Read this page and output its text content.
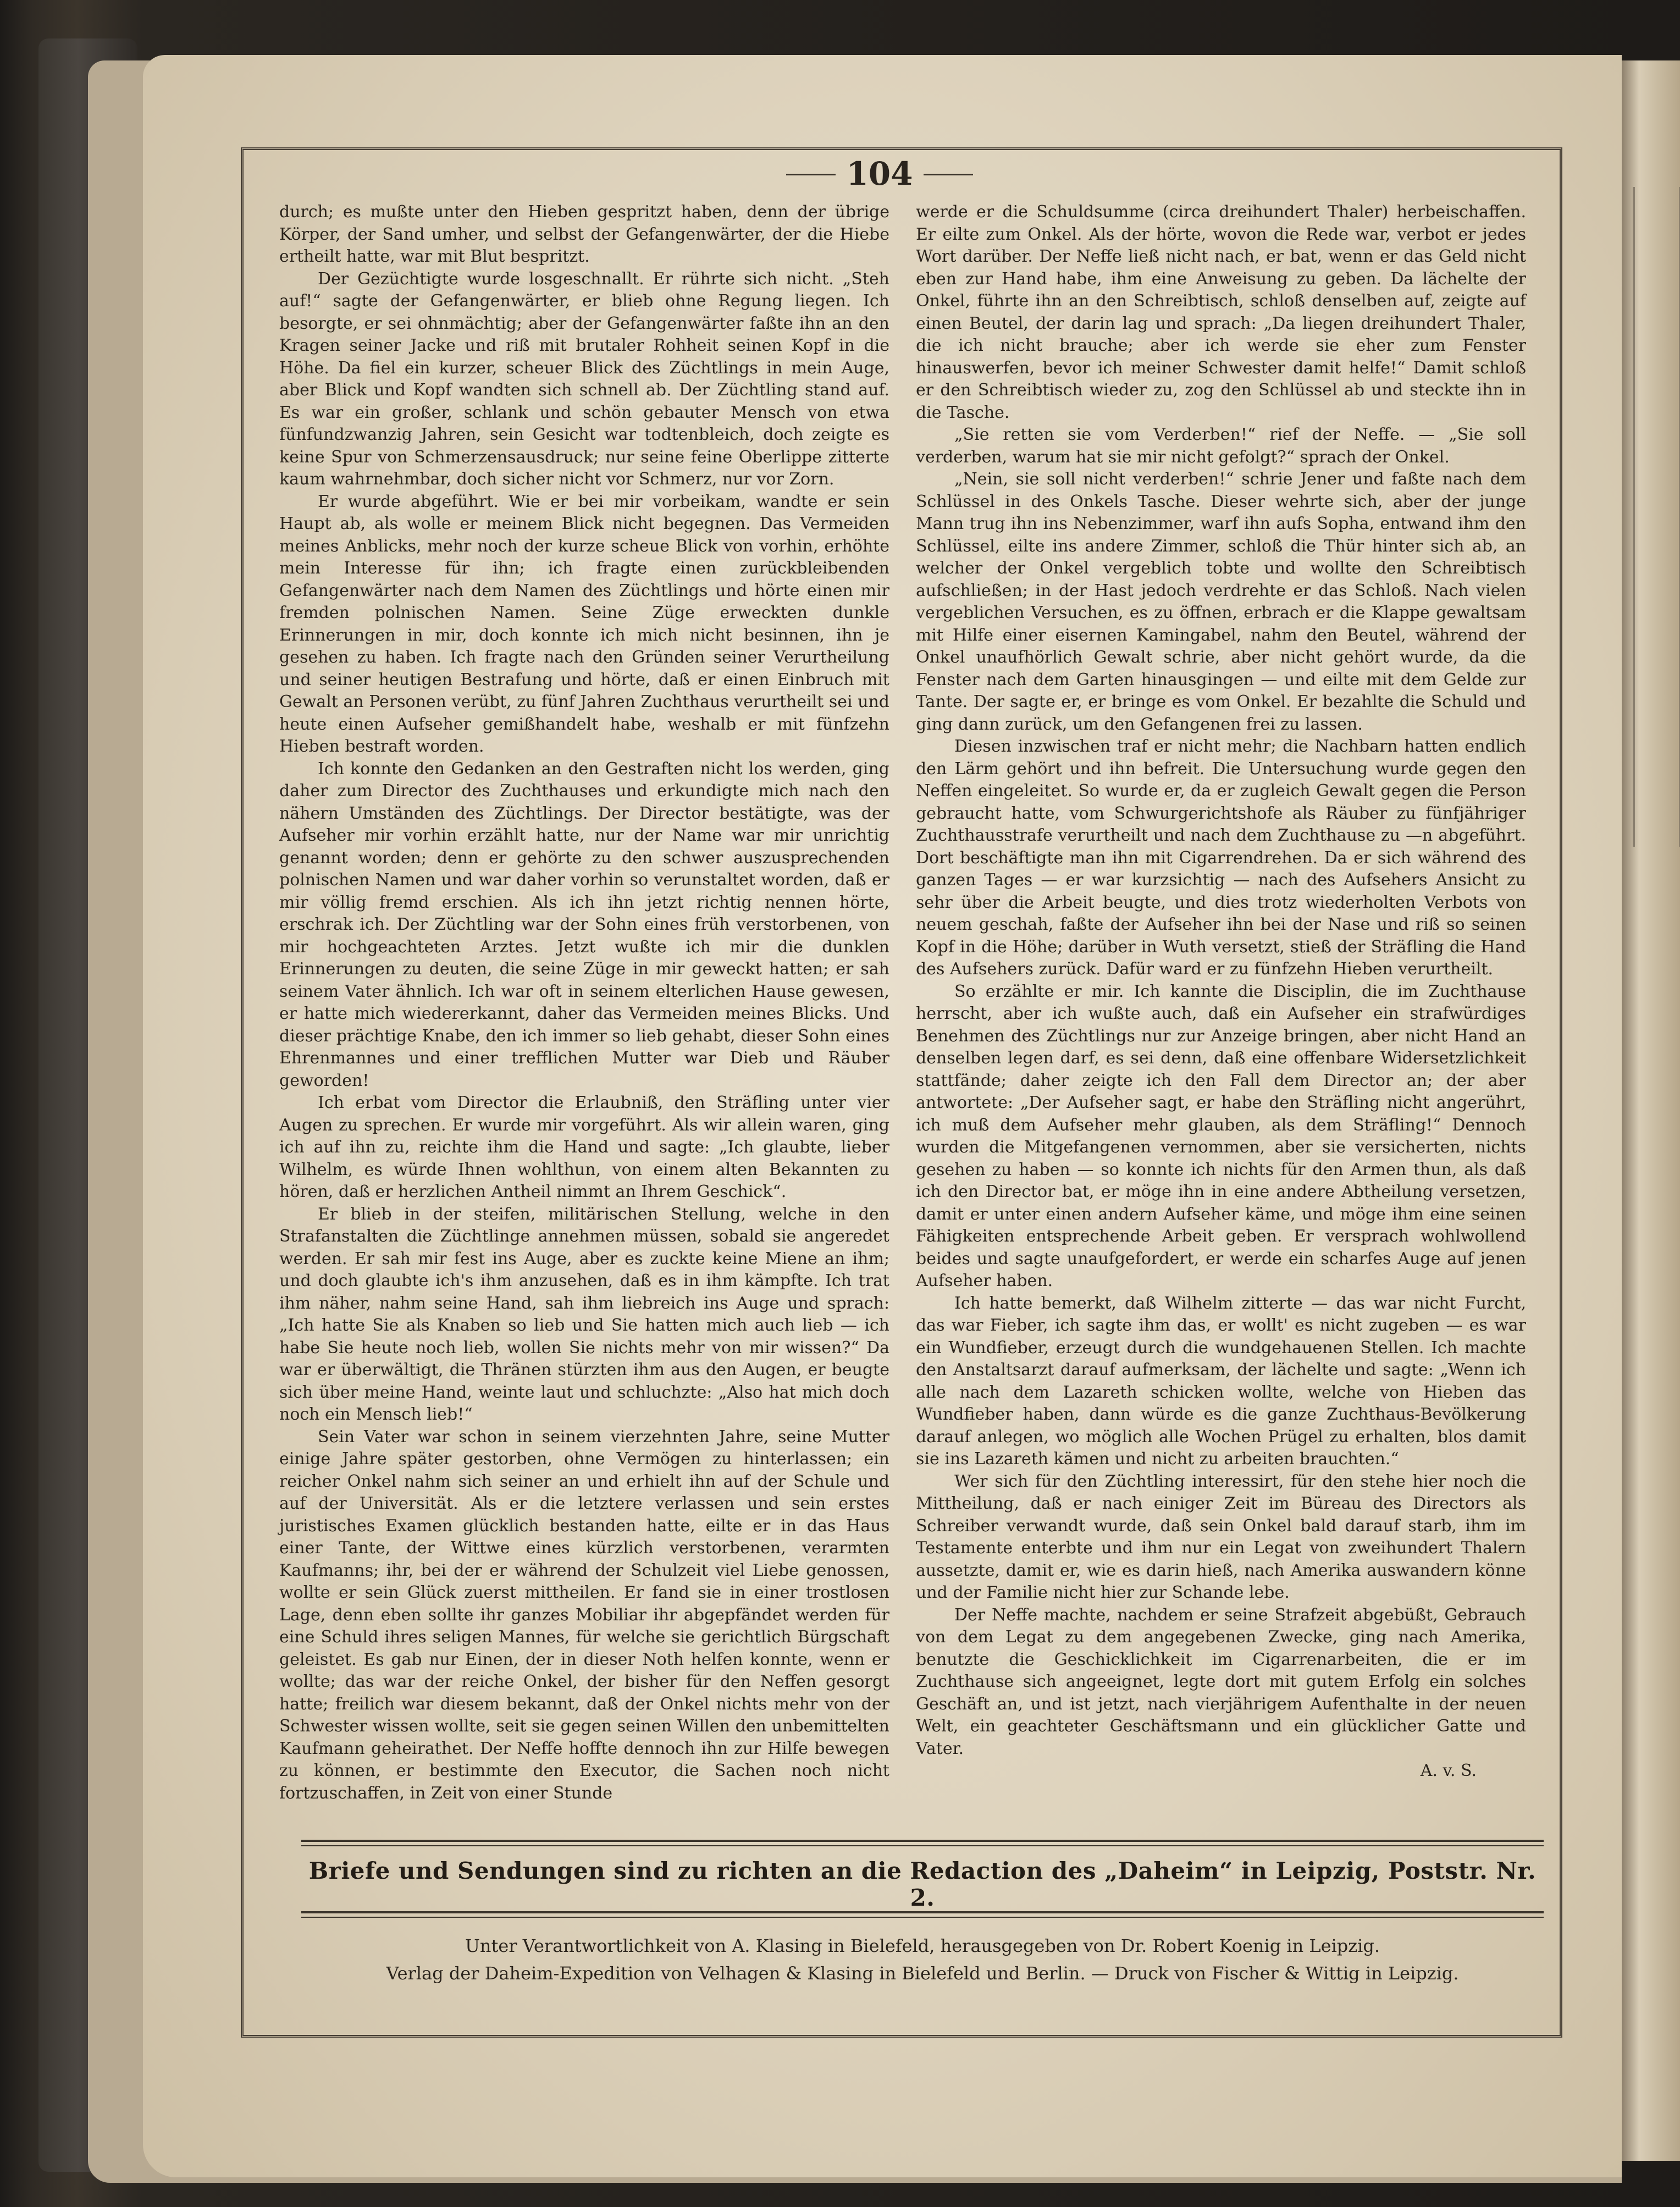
104

durch; es mußte unter den Hieben gespritzt haben, denn der übrige Körper, der Sand umher, und selbst der Gefangenwärter, der die Hiebe ertheilt hatte, war mit Blut bespritzt.

Der Gezüchtigte wurde losgeschnallt. Er rührte sich nicht. „Steh auf!“ sagte der Gefangenwärter, er blieb ohne Regung liegen. Ich besorgte, er sei ohnmächtig; aber der Gefangenwärter faßte ihn an den Kragen seiner Jacke und riß mit brutaler Rohheit seinen Kopf in die Höhe. Da fiel ein kurzer, scheuer Blick des Züchtlings in mein Auge, aber Blick und Kopf wandten sich schnell ab. Der Züchtling stand auf. Es war ein großer, schlank und schön gebauter Mensch von etwa fünfundzwanzig Jahren, sein Gesicht war todtenbleich, doch zeigte es keine Spur von Schmerzensausdruck; nur seine feine Oberlippe zitterte kaum wahrnehmbar, doch sicher nicht vor Schmerz, nur vor Zorn.

Er wurde abgeführt. Wie er bei mir vorbeikam, wandte er sein Haupt ab, als wolle er meinem Blick nicht begegnen. Das Vermeiden meines Anblicks, mehr noch der kurze scheue Blick von vorhin, erhöhte mein Interesse für ihn; ich fragte einen zurückbleibenden Gefangenwärter nach dem Namen des Züchtlings und hörte einen mir fremden polnischen Namen. Seine Züge erweckten dunkle Erinnerungen in mir, doch konnte ich mich nicht besinnen, ihn je gesehen zu haben. Ich fragte nach den Gründen seiner Verurtheilung und seiner heutigen Bestrafung und hörte, daß er einen Einbruch mit Gewalt an Personen verübt, zu fünf Jahren Zuchthaus verurtheilt sei und heute einen Aufseher gemißhandelt habe, weshalb er mit fünfzehn Hieben bestraft worden.

Ich konnte den Gedanken an den Gestraften nicht los werden, ging daher zum Director des Zuchthauses und erkundigte mich nach den nähern Umständen des Züchtlings. Der Director bestätigte, was der Aufseher mir vorhin erzählt hatte, nur der Name war mir unrichtig genannt worden; denn er gehörte zu den schwer auszusprechenden polnischen Namen und war daher vorhin so verunstaltet worden, daß er mir völlig fremd erschien. Als ich ihn jetzt richtig nennen hörte, erschrak ich. Der Züchtling war der Sohn eines früh verstorbenen, von mir hochgeachteten Arztes. Jetzt wußte ich mir die dunklen Erinnerungen zu deuten, die seine Züge in mir geweckt hatten; er sah seinem Vater ähnlich. Ich war oft in seinem elterlichen Hause gewesen, er hatte mich wiedererkannt, daher das Vermeiden meines Blicks. Und dieser prächtige Knabe, den ich immer so lieb gehabt, dieser Sohn eines Ehrenmannes und einer trefflichen Mutter war Dieb und Räuber geworden!

Ich erbat vom Director die Erlaubniß, den Sträfling unter vier Augen zu sprechen. Er wurde mir vorgeführt. Als wir allein waren, ging ich auf ihn zu, reichte ihm die Hand und sagte: „Ich glaubte, lieber Wilhelm, es würde Ihnen wohlthun, von einem alten Bekannten zu hören, daß er herzlichen Antheil nimmt an Ihrem Geschick“.

Er blieb in der steifen, militärischen Stellung, welche in den Strafanstalten die Züchtlinge annehmen müssen, sobald sie angeredet werden. Er sah mir fest ins Auge, aber es zuckte keine Miene an ihm; und doch glaubte ich's ihm anzusehen, daß es in ihm kämpfte. Ich trat ihm näher, nahm seine Hand, sah ihm liebreich ins Auge und sprach: „Ich hatte Sie als Knaben so lieb und Sie hatten mich auch lieb — ich habe Sie heute noch lieb, wollen Sie nichts mehr von mir wissen?“ Da war er überwältigt, die Thränen stürzten ihm aus den Augen, er beugte sich über meine Hand, weinte laut und schluchzte: „Also hat mich doch noch ein Mensch lieb!“

Sein Vater war schon in seinem vierzehnten Jahre, seine Mutter einige Jahre später gestorben, ohne Vermögen zu hinterlassen; ein reicher Onkel nahm sich seiner an und erhielt ihn auf der Schule und auf der Universität. Als er die letztere verlassen und sein erstes juristisches Examen glücklich bestanden hatte, eilte er in das Haus einer Tante, der Wittwe eines kürzlich verstorbenen, verarmten Kaufmanns; ihr, bei der er während der Schulzeit viel Liebe genossen, wollte er sein Glück zuerst mittheilen. Er fand sie in einer trostlosen Lage, denn eben sollte ihr ganzes Mobiliar ihr abgepfändet werden für eine Schuld ihres seligen Mannes, für welche sie gerichtlich Bürgschaft geleistet. Es gab nur Einen, der in dieser Noth helfen konnte, wenn er wollte; das war der reiche Onkel, der bisher für den Neffen gesorgt hatte; freilich war diesem bekannt, daß der Onkel nichts mehr von der Schwester wissen wollte, seit sie gegen seinen Willen den unbemittelten Kaufmann geheirathet. Der Neffe hoffte dennoch ihn zur Hilfe bewegen zu können, er bestimmte den Executor, die Sachen noch nicht fortzuschaffen, in Zeit von einer Stunde

werde er die Schuldsumme (circa dreihundert Thaler) herbeischaffen. Er eilte zum Onkel. Als der hörte, wovon die Rede war, verbot er jedes Wort darüber. Der Neffe ließ nicht nach, er bat, wenn er das Geld nicht eben zur Hand habe, ihm eine Anweisung zu geben. Da lächelte der Onkel, führte ihn an den Schreibtisch, schloß denselben auf, zeigte auf einen Beutel, der darin lag und sprach: „Da liegen dreihundert Thaler, die ich nicht brauche; aber ich werde sie eher zum Fenster hinauswerfen, bevor ich meiner Schwester damit helfe!“ Damit schloß er den Schreibtisch wieder zu, zog den Schlüssel ab und steckte ihn in die Tasche.

„Sie retten sie vom Verderben!“ rief der Neffe. — „Sie soll verderben, warum hat sie mir nicht gefolgt?“ sprach der Onkel.

„Nein, sie soll nicht verderben!“ schrie Jener und faßte nach dem Schlüssel in des Onkels Tasche. Dieser wehrte sich, aber der junge Mann trug ihn ins Nebenzimmer, warf ihn aufs Sopha, entwand ihm den Schlüssel, eilte ins andere Zimmer, schloß die Thür hinter sich ab, an welcher der Onkel vergeblich tobte und wollte den Schreibtisch aufschließen; in der Hast jedoch verdrehte er das Schloß. Nach vielen vergeblichen Versuchen, es zu öffnen, erbrach er die Klappe gewaltsam mit Hilfe einer eisernen Kamingabel, nahm den Beutel, während der Onkel unaufhörlich Gewalt schrie, aber nicht gehört wurde, da die Fenster nach dem Garten hinausgingen — und eilte mit dem Gelde zur Tante. Der sagte er, er bringe es vom Onkel. Er bezahlte die Schuld und ging dann zurück, um den Gefangenen frei zu lassen.

Diesen inzwischen traf er nicht mehr; die Nachbarn hatten endlich den Lärm gehört und ihn befreit. Die Untersuchung wurde gegen den Neffen eingeleitet. So wurde er, da er zugleich Gewalt gegen die Person gebraucht hatte, vom Schwurgerichtshofe als Räuber zu fünfjähriger Zuchthausstrafe verurtheilt und nach dem Zuchthause zu —n abgeführt. Dort beschäftigte man ihn mit Cigarrendrehen. Da er sich während des ganzen Tages — er war kurzsichtig — nach des Aufsehers Ansicht zu sehr über die Arbeit beugte, und dies trotz wiederholten Verbots von neuem geschah, faßte der Aufseher ihn bei der Nase und riß so seinen Kopf in die Höhe; darüber in Wuth versetzt, stieß der Sträfling die Hand des Aufsehers zurück. Dafür ward er zu fünfzehn Hieben verurtheilt.

So erzählte er mir. Ich kannte die Disciplin, die im Zuchthause herrscht, aber ich wußte auch, daß ein Aufseher ein strafwürdiges Benehmen des Züchtlings nur zur Anzeige bringen, aber nicht Hand an denselben legen darf, es sei denn, daß eine offenbare Widersetzlichkeit stattfände; daher zeigte ich den Fall dem Director an; der aber antwortete: „Der Aufseher sagt, er habe den Sträfling nicht angerührt, ich muß dem Aufseher mehr glauben, als dem Sträfling!“ Dennoch wurden die Mitgefangenen vernommen, aber sie versicherten, nichts gesehen zu haben — so konnte ich nichts für den Armen thun, als daß ich den Director bat, er möge ihn in eine andere Abtheilung versetzen, damit er unter einen andern Aufseher käme, und möge ihm eine seinen Fähigkeiten entsprechende Arbeit geben. Er versprach wohlwollend beides und sagte unaufgefordert, er werde ein scharfes Auge auf jenen Aufseher haben.

Ich hatte bemerkt, daß Wilhelm zitterte — das war nicht Furcht, das war Fieber, ich sagte ihm das, er wollt' es nicht zugeben — es war ein Wundfieber, erzeugt durch die wundgehauenen Stellen. Ich machte den Anstaltsarzt darauf aufmerksam, der lächelte und sagte: „Wenn ich alle nach dem Lazareth schicken wollte, welche von Hieben das Wundfieber haben, dann würde es die ganze Zuchthaus-Bevölkerung darauf anlegen, wo möglich alle Wochen Prügel zu erhalten, blos damit sie ins Lazareth kämen und nicht zu arbeiten brauchten.“

Wer sich für den Züchtling interessirt, für den stehe hier noch die Mittheilung, daß er nach einiger Zeit im Büreau des Directors als Schreiber verwandt wurde, daß sein Onkel bald darauf starb, ihm im Testamente enterbte und ihm nur ein Legat von zweihundert Thalern aussetzte, damit er, wie es darin hieß, nach Amerika auswandern könne und der Familie nicht hier zur Schande lebe.

Der Neffe machte, nachdem er seine Strafzeit abgebüßt, Gebrauch von dem Legat zu dem angegebenen Zwecke, ging nach Amerika, benutzte die Geschicklichkeit im Cigarrenarbeiten, die er im Zuchthause sich angeeignet, legte dort mit gutem Erfolg ein solches Geschäft an, und ist jetzt, nach vierjährigem Aufenthalte in der neuen Welt, ein geachteter Geschäftsmann und ein glücklicher Gatte und Vater.

A. v. S.
Briefe und Sendungen sind zu richten an die Redaction des „Daheim“ in Leipzig, Poststr. Nr. 2.
Unter Verantwortlichkeit von A. Klasing in Bielefeld, herausgegeben von Dr. Robert Koenig in Leipzig.
Verlag der Daheim-Expedition von Velhagen & Klasing in Bielefeld und Berlin. — Druck von Fischer & Wittig in Leipzig.
